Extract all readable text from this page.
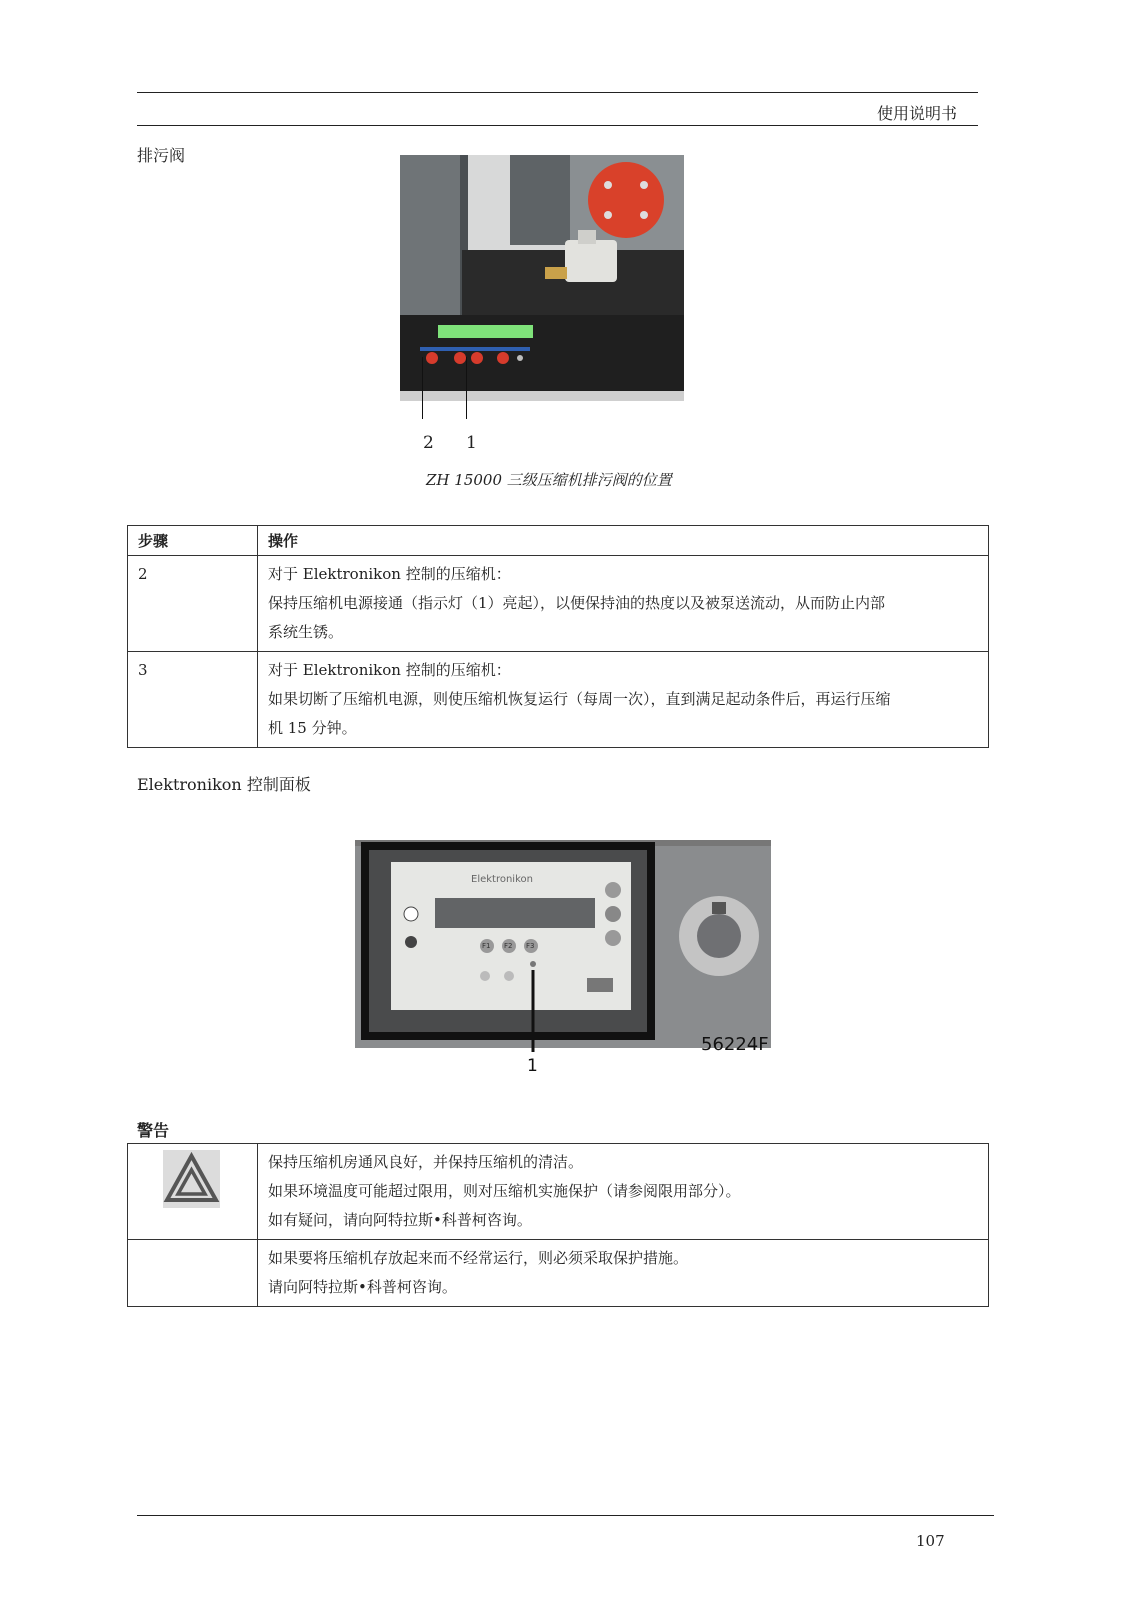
使用说明书
排污阀
2 1
ZH 15000 三级压缩机排污阀的位置
步骤	操作

2	对于 Elektronikon 控制的压缩机：
保持压缩机电源接通（指示灯（1）亮起），以便保持油的热度以及被泵送流动，从而防止内部
系统生锈。

3	对于 Elektronikon 控制的压缩机：
如果切断了压缩机电源，则使压缩机恢复运行（每周一次），直到满足起动条件后，再运行压缩
机 15 分钟。
Elektronikon 控制面板
Elektronikon
F1 F2 F3
56224F
1
警告

	保持压缩机房通风良好，并保持压缩机的清洁。
如果环境温度可能超过限用，则对压缩机实施保护（请参阅限用部分）。
如有疑问，请向阿特拉斯•科普柯咨询。

	如果要将压缩机存放起来而不经常运行，则必须采取保护措施。
请向阿特拉斯•科普柯咨询。
107
